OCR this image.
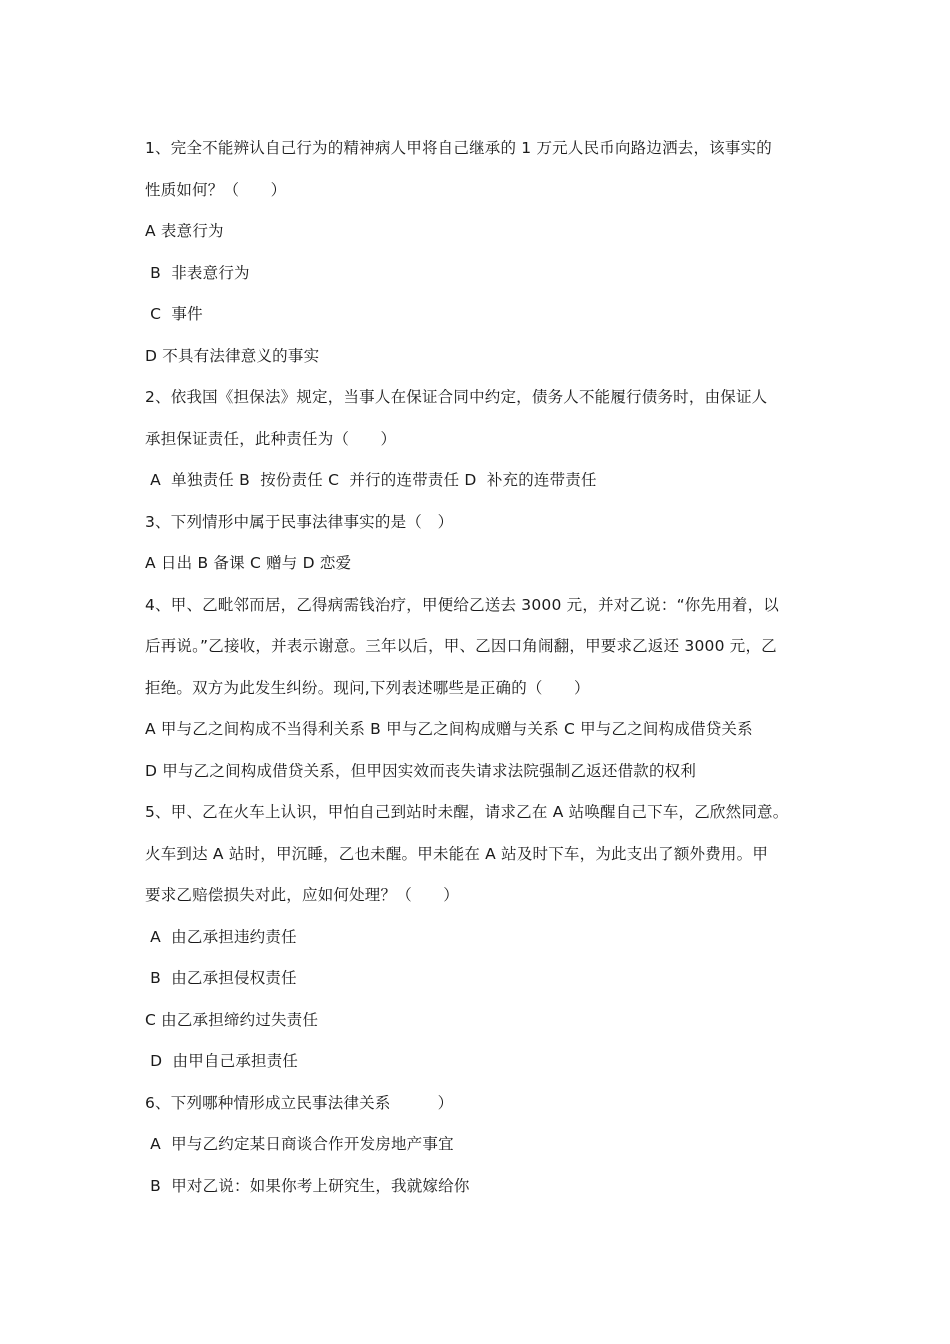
1、完全不能辨认自己行为的精神病人甲将自己继承的 1 万元人民币向路边洒去，该事实的
性质如何？（　　）
A 表意行为
B  非表意行为
C  事件
D 不具有法律意义的事实
2、依我国《担保法》规定，当事人在保证合同中约定，债务人不能履行债务时，由保证人
承担保证责任，此种责任为（　　）
A  单独责任 B  按份责任 C  并行的连带责任 D  补充的连带责任
3、下列情形中属于民事法律事实的是（　）
A 日出 B 备课 C 赠与 D 恋爱
4、甲、乙毗邻而居，乙得病需钱治疗，甲便给乙送去 3000 元，并对乙说：“你先用着，以
后再说。”乙接收，并表示谢意。三年以后，甲、乙因口角闹翻，甲要求乙返还 3000 元，乙
拒绝。双方为此发生纠纷。现问,下列表述哪些是正确的（　　）
A 甲与乙之间构成不当得利关系 B 甲与乙之间构成赠与关系 C 甲与乙之间构成借贷关系
D 甲与乙之间构成借贷关系，但甲因实效而丧失请求法院强制乙返还借款的权利
5、甲、乙在火车上认识，甲怕自己到站时未醒，请求乙在 A 站唤醒自己下车，乙欣然同意。
火车到达 A 站时，甲沉睡，乙也未醒。甲未能在 A 站及时下车，为此支出了额外费用。甲
要求乙赔偿损失对此，应如何处理？（　　）
A  由乙承担违约责任
B  由乙承担侵权责任
C 由乙承担缔约过失责任
D  由甲自己承担责任
6、下列哪种情形成立民事法律关系　　　）
A  甲与乙约定某日商谈合作开发房地产事宜
B  甲对乙说：如果你考上研究生，我就嫁给你
